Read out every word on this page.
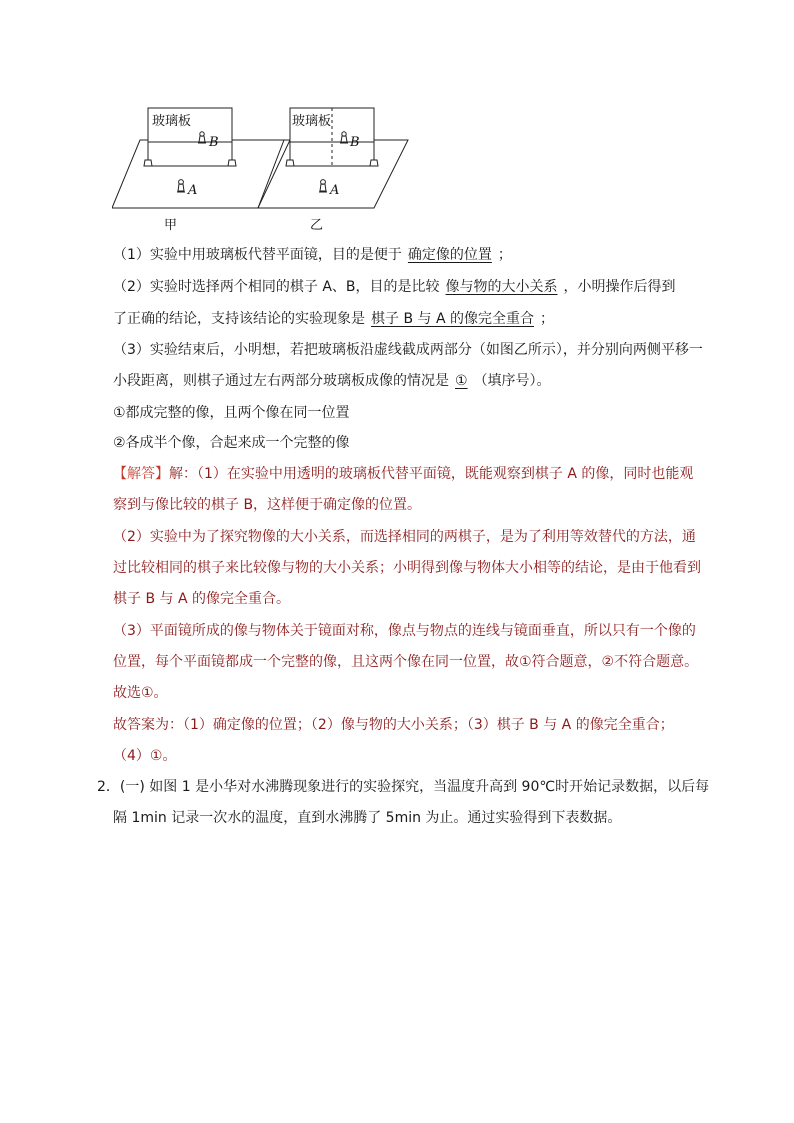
玻璃板
B
A
甲
玻璃板
B
A
乙
（1）实验中用玻璃板代替平面镜，目的是便于 确定像的位置 ；
（2）实验时选择两个相同的棋子 A、B，目的是比较 像与物的大小关系 ，小明操作后得到
了正确的结论，支持该结论的实验现象是 棋子 B 与 A 的像完全重合 ；
（3）实验结束后，小明想，若把玻璃板沿虚线截成两部分（如图乙所示），并分别向两侧平移一
小段距离，则棋子通过左右两部分玻璃板成像的情况是 ① （填序号）。
①都成完整的像，且两个像在同一位置
②各成半个像，合起来成一个完整的像
【解答】解：（1）在实验中用透明的玻璃板代替平面镜，既能观察到棋子 A 的像，同时也能观
察到与像比较的棋子 B，这样便于确定像的位置。
（2）实验中为了探究物像的大小关系，而选择相同的两棋子，是为了利用等效替代的方法，通
过比较相同的棋子来比较像与物的大小关系；小明得到像与物体大小相等的结论，是由于他看到
棋子 B 与 A 的像完全重合。
（3）平面镜所成的像与物体关于镜面对称，像点与物点的连线与镜面垂直，所以只有一个像的
位置，每个平面镜都成一个完整的像，且这两个像在同一位置，故①符合题意，②不符合题意。
故选①。
故答案为：（1）确定像的位置；（2）像与物的大小关系；（3）棋子 B 与 A 的像完全重合；
（4）①。
2．(一) 如图 1 是小华对水沸腾现象进行的实验探究，当温度升高到 90℃时开始记录数据，以后每
隔 1min 记录一次水的温度，直到水沸腾了 5min 为止。通过实验得到下表数据。
